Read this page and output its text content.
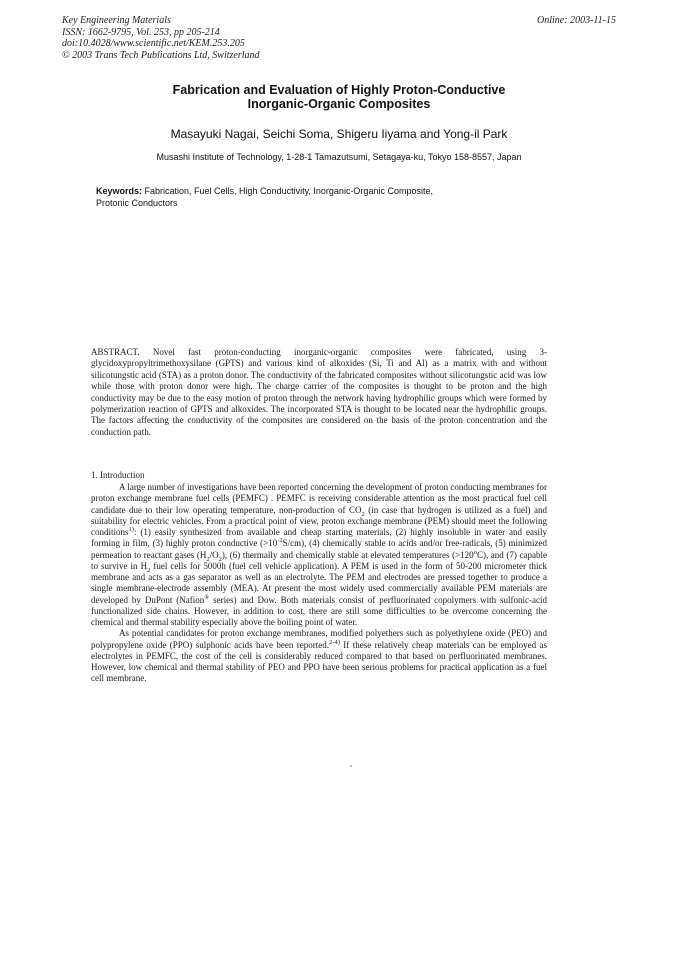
Key Engineering Materials
ISSN: 1662-9795, Vol. 253, pp 205-214
doi:10.4028/www.scientific.net/KEM.253.205
© 2003 Trans Tech Publications Ltd, Switzerland
Online: 2003-11-15
Fabrication and Evaluation of Highly Proton-Conductive
Inorganic-Organic Composites
Masayuki Nagai, Seichi Soma, Shigeru Iiyama and Yong-il Park
Musashi Institute of Technology, 1-28-1 Tamazutsumi, Setagaya-ku, Tokyo 158-8557, Japan
Keywords: Fabrication, Fuel Cells, High Conductivity, Inorganic-Organic Composite,
Protonic Conductors
ABSTRACT. Novel fast proton-conducting inorganic-organic composites were fabricated, using 3-glycidoxypropyltrimethoxysilane (GPTS) and various kind of alkoxides (Si, Ti and Al) as a matrix with and without silicotungstic acid (STA) as a proton donor. The conductivity of the fabricated composites without silicotungstic acid was low while those with proton donor were high. The charge carrier of the composites is thought to be proton and the high conductivity may be due to the easy motion of proton through the network having hydrophilic groups which were formed by polymerization reaction of GPTS and alkoxides. The incorporated STA is thought to be located near the hydrophilic groups. The factors affecting the conductivity of the composites are considered on the basis of the proton concentration and the conduction path.
1. Introduction

A large number of investigations have been reported concerning the development of proton conducting membranes for proton exchange membrane fuel cells (PEMFC) . PEMFC is receiving considerable attention as the most practical fuel cell candidate due to their low operating temperature, non-production of $CO_2$ (in case that hydrogen is utilized as a fuel) and suitability for electric vehicles. From a practical point of view, proton exchange membrane (PEM) should meet the following conditions$^{1)}$: (1) easily synthesized from available and cheap starting materials, (2) highly insoluble in water and easily forming in film, (3) highly proton conductive $(>10^{-2}S/cm)$, (4) chemically stable to acids and/or free-radicals, (5) minimized permeation to reactant gases $(H_2/O_2)$, (6) thermally and chemically stable at elevated temperatures $(>120^oC)$, and (7) capable to survive in $H_2$ fuel cells for 5000h (fuel cell vehicle application). A PEM is used in the form of 50-200 micrometer thick membrane and acts as a gas separator as well as an electrolyte. The PEM and electrodes are pressed together to produce a single membrane-electrode assembly (MEA). At present the most widely used commercially available PEM materials are developed by DuPont (Nafion® series) and Dow. Both materials consist of perfluorinated copolymers with sulfonic-acid functionalized side chains. However, in addition to cost, there are still some difficulties to be overcome concerning the chemical and thermal stability especially above the boiling point of water.

As potential candidates for proton exchange membranes, modified polyethers such as polyethylene oxide (PEO) and polypropylene oxide (PPO) sulphonic acids have been reported.$^{2-4)}$ If these relatively cheap materials can be employed as electrolytes in PEMFC, the cost of the cell is considerably reduced compared to that based on perfluorinated membranes. However, low chemical and thermal stability of PEO and PPO have been serious problems for practical application as a fuel cell membrane.
